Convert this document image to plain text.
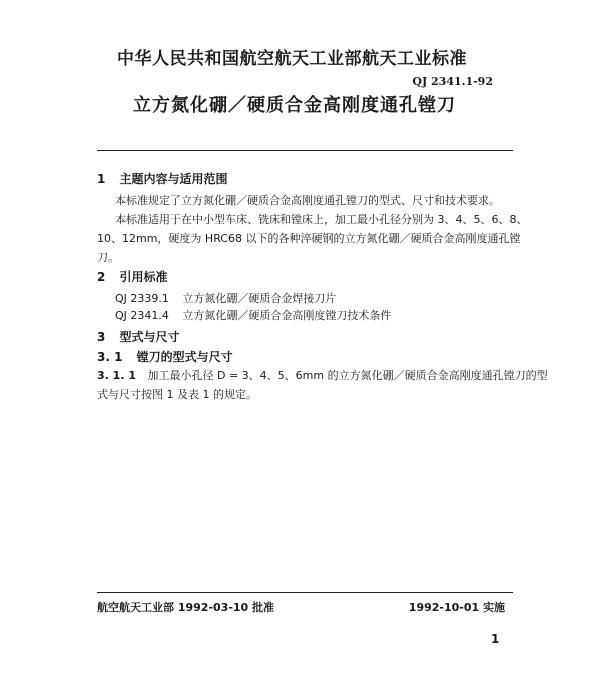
中华人民共和国航空航天工业部航天工业标准
QJ 2341.1-92
立方氮化硼／硬质合金高刚度通孔镗刀
1 主题内容与适用范围
本标准规定了立方氮化硼／硬质合金高刚度通孔镗刀的型式、尺寸和技术要求。
本标准适用于在中小型车床、铣床和镗床上，加工最小孔径分别为 3、4、5、6、8、
10、12mm，硬度为 HRC68 以下的各种淬硬钢的立方氮化硼／硬质合金高刚度通孔镗
刀。
2 引用标准
QJ 2339.1 立方氮化硼／硬质合金焊接刀片
QJ 2341.4 立方氮化硼／硬质合金高刚度镗刀技术条件
3 型式与尺寸
3. 1 镗刀的型式与尺寸
3. 1. 1 加工最小孔径 D = 3、4、5、6mm 的立方氮化硼／硬质合金高刚度通孔镗刀的型
式与尺寸按图 1 及表 1 的规定。
航空航天工业部 1992-03-10 批准	1992-10-01 实施
1
